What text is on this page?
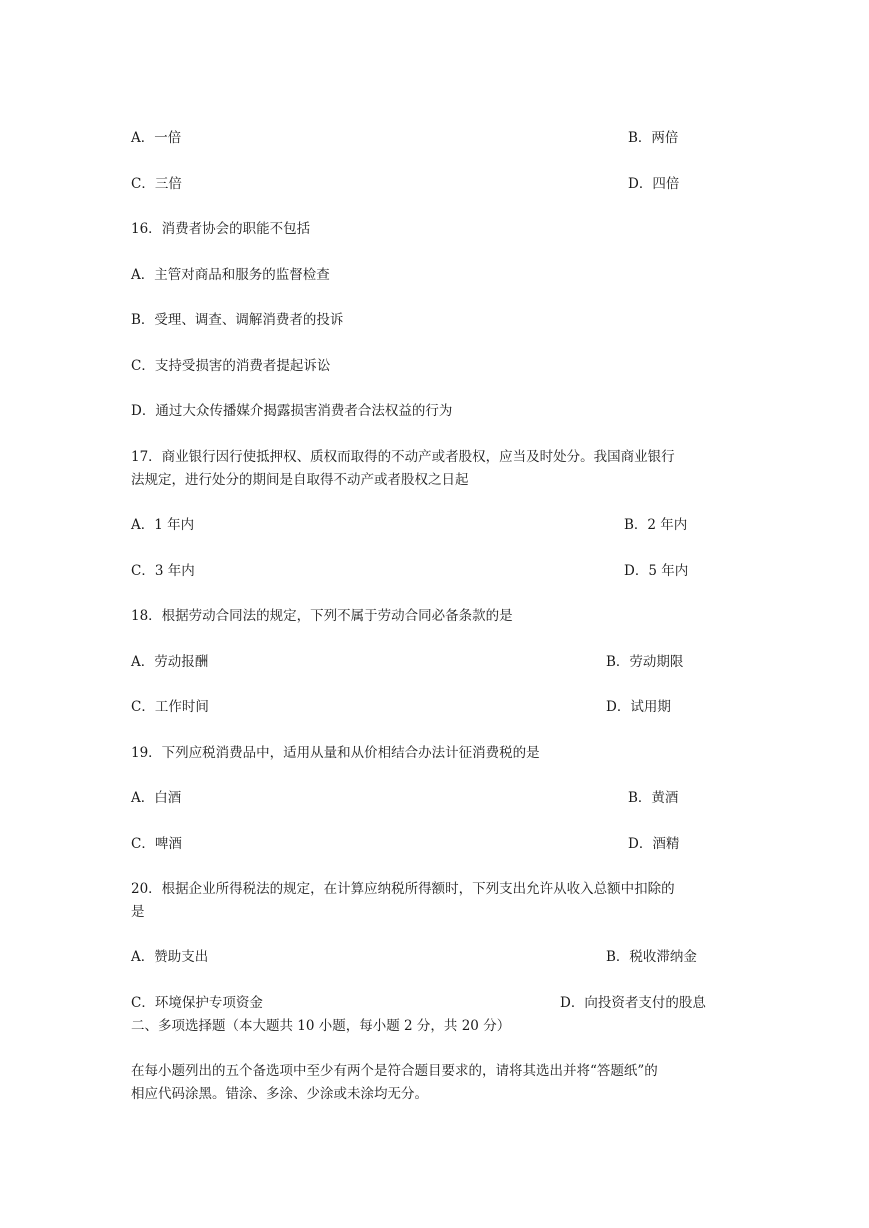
A．一倍	B．两倍
C．三倍	D．四倍
16．消费者协会的职能不包括
A．主管对商品和服务的监督检查
B．受理、调查、调解消费者的投诉
C．支持受损害的消费者提起诉讼
D．通过大众传播媒介揭露损害消费者合法权益的行为
17．商业银行因行使抵押权、质权而取得的不动产或者股权，应当及时处分。我国商业银行
法规定，进行处分的期间是自取得不动产或者股权之日起
A．1 年内	B．2 年内
C．3 年内	D．5 年内
18．根据劳动合同法的规定，下列不属于劳动合同必备条款的是
A．劳动报酬	B．劳动期限
C．工作时间	D．试用期
19．下列应税消费品中，适用从量和从价相结合办法计征消费税的是
A．白酒	B．黄酒
C．啤酒	D．酒精
20．根据企业所得税法的规定，在计算应纳税所得额时，下列支出允许从收入总额中扣除的
是
A．赞助支出	B．税收滞纳金
C．环境保护专项资金	D．向投资者支付的股息
二、多项选择题（本大题共 10 小题，每小题 2 分，共 20 分）
在每小题列出的五个备选项中至少有两个是符合题目要求的，请将其选出并将“答题纸”的
相应代码涂黑。错涂、多涂、少涂或未涂均无分。
